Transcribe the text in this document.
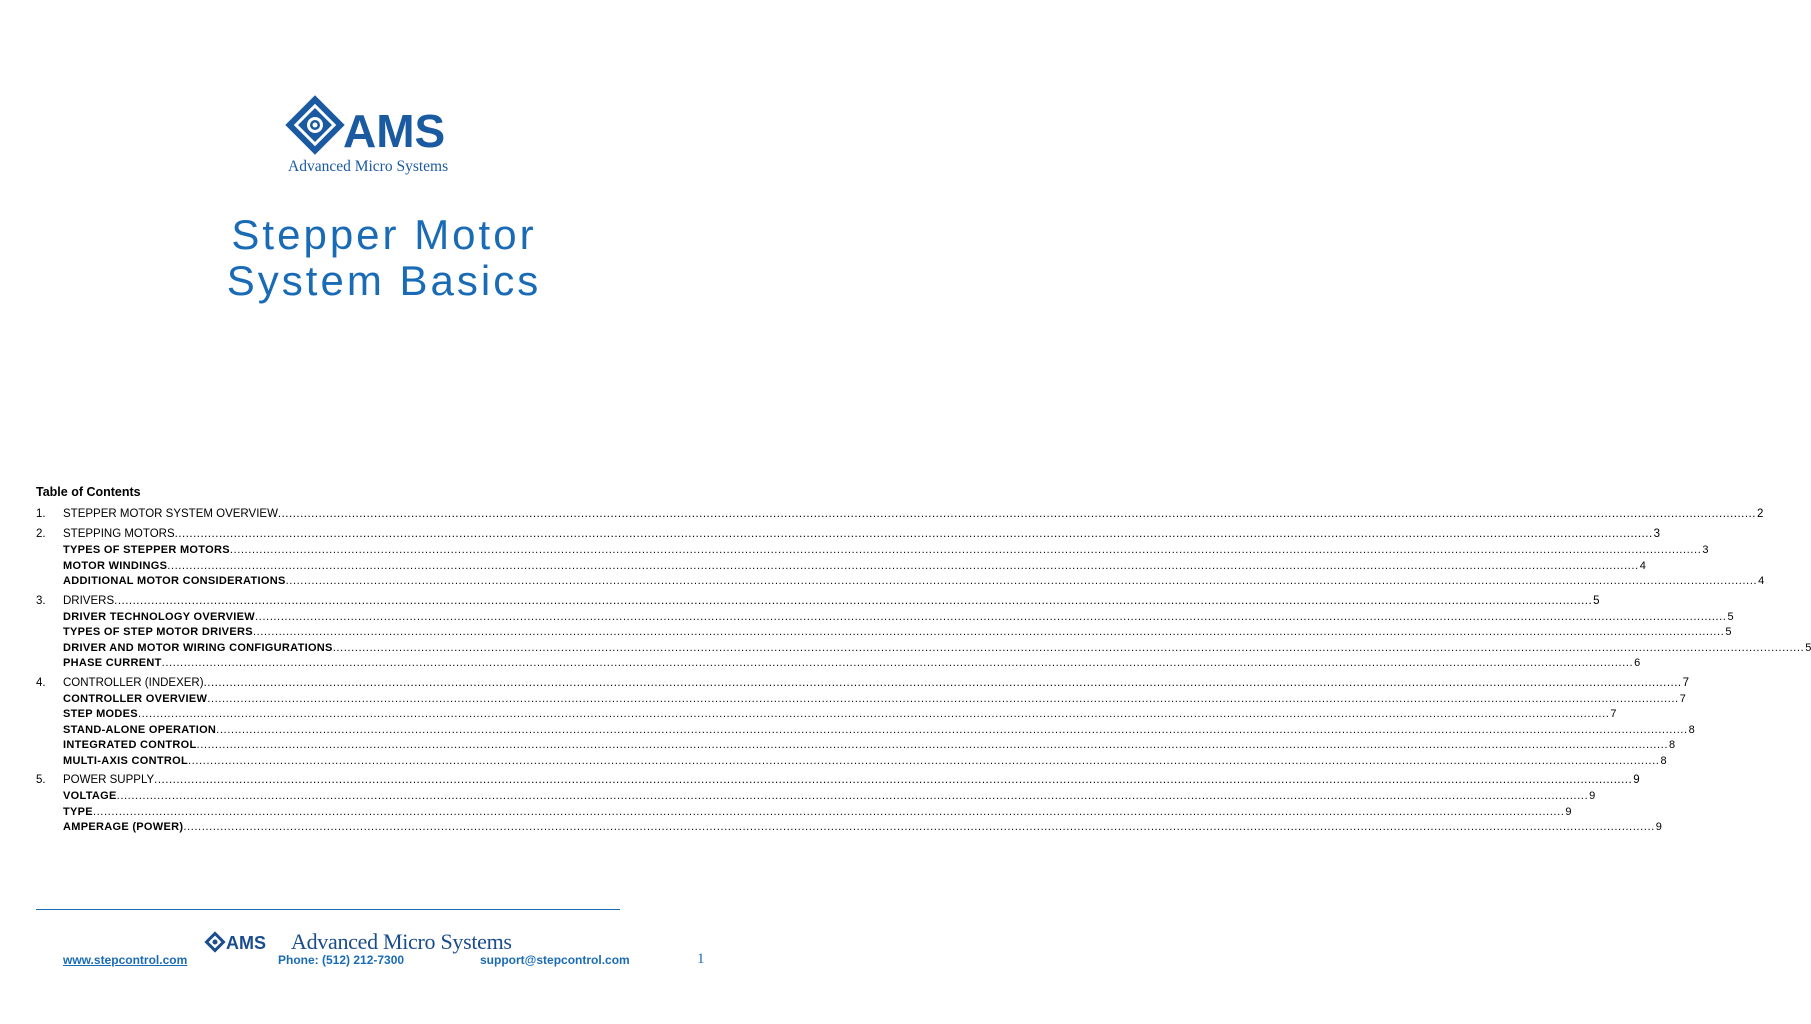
AMS
Advanced Micro Systems
Stepper Motor
System Basics
Table of Contents
1.	STEPPER MOTOR SYSTEM OVERVIEW ................................................................................................................................................................................................................................................................................................................................................................................................................ 2
2.	STEPPING MOTORS ................................................................................................................................................................................................................................................................................................................................................................................................................ 3
TYPES OF STEPPER MOTORS ................................................................................................................................................................................................................................................................................................................................................................................................................ 3
MOTOR WINDINGS ................................................................................................................................................................................................................................................................................................................................................................................................................ 4
ADDITIONAL MOTOR CONSIDERATIONS ................................................................................................................................................................................................................................................................................................................................................................................................................ 4
3.	DRIVERS ................................................................................................................................................................................................................................................................................................................................................................................................................ 5
DRIVER TECHNOLOGY OVERVIEW ................................................................................................................................................................................................................................................................................................................................................................................................................ 5
TYPES OF STEP MOTOR DRIVERS ................................................................................................................................................................................................................................................................................................................................................................................................................ 5
DRIVER AND MOTOR WIRING CONFIGURATIONS ................................................................................................................................................................................................................................................................................................................................................................................................................ 5
PHASE CURRENT ................................................................................................................................................................................................................................................................................................................................................................................................................ 6
4.	CONTROLLER (INDEXER) ................................................................................................................................................................................................................................................................................................................................................................................................................ 7
CONTROLLER OVERVIEW ................................................................................................................................................................................................................................................................................................................................................................................................................ 7
STEP MODES ................................................................................................................................................................................................................................................................................................................................................................................................................ 7
STAND-ALONE OPERATION ................................................................................................................................................................................................................................................................................................................................................................................................................ 8
INTEGRATED CONTROL ................................................................................................................................................................................................................................................................................................................................................................................................................ 8
MULTI-AXIS CONTROL ................................................................................................................................................................................................................................................................................................................................................................................................................ 8
5.	POWER SUPPLY ................................................................................................................................................................................................................................................................................................................................................................................................................ 9
VOLTAGE ................................................................................................................................................................................................................................................................................................................................................................................................................ 9
TYPE ................................................................................................................................................................................................................................................................................................................................................................................................................ 9
AMPERAGE (POWER) ................................................................................................................................................................................................................................................................................................................................................................................................................ 9
AMS Advanced Micro Systems
www.stepcontrol.com	Phone: (512) 212-7300	support@stepcontrol.com	1
